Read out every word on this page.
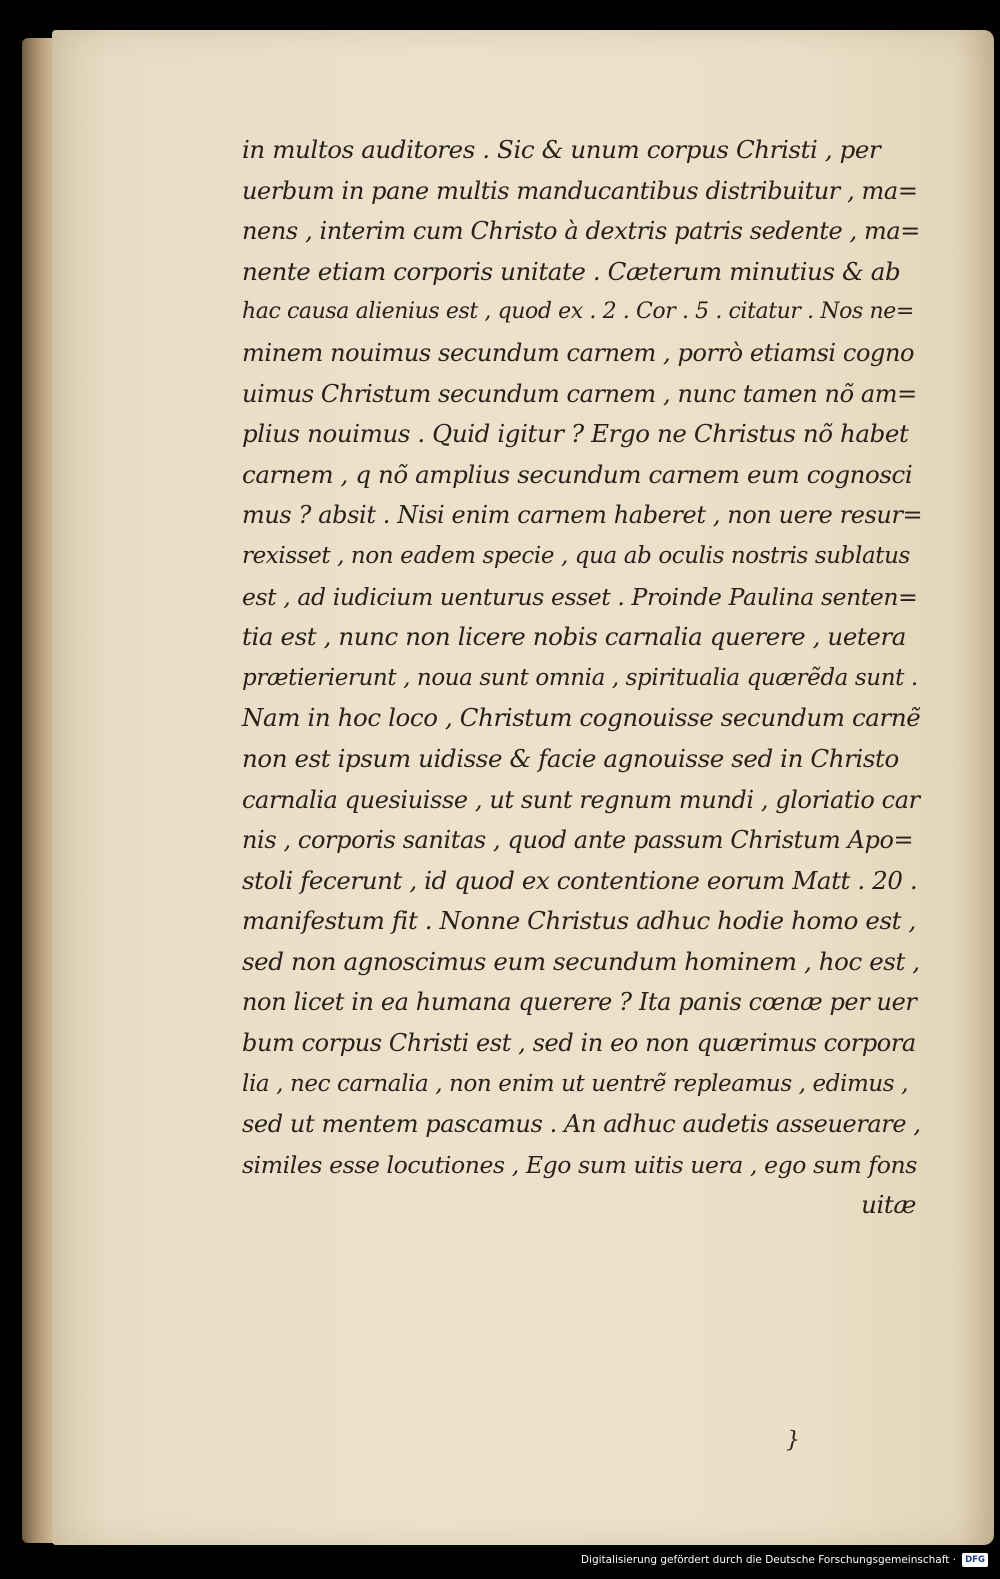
in multos auditores . Sic & unum corpus Christi , per
uerbum in pane multis manducantibus distribuitur , ma=
nens , interim cum Christo à dextris patris sedente , ma=
nente etiam corporis unitate . Cæterum minutius & ab
hac causa alienius est , quod ex . 2 . Cor . 5 . citatur . Nos ne=
minem nouimus secundum carnem , porrò etiamsi cogno
uimus Christum secundum carnem , nunc tamen nõ am=
plius nouimus . Quid igitur ? Ergo ne Christus nõ habet
carnem , q nõ amplius secundum carnem eum cognosci
mus ? absit . Nisi enim carnem haberet , non uere resur=
rexisset , non eadem specie , qua ab oculis nostris sublatus
est , ad iudicium uenturus esset . Proinde Paulina senten=
tia est , nunc non licere nobis carnalia querere , uetera
prætierierunt , noua sunt omnia , spiritualia quærẽda sunt .
Nam in hoc loco , Christum cognouisse secundum carnẽ
non est ipsum uidisse & facie agnouisse sed in Christo
carnalia quesiuisse , ut sunt regnum mundi , gloriatio car
nis , corporis sanitas , quod ante passum Christum Apo=
stoli fecerunt , id quod ex contentione eorum Matt . 20 .
manifestum fit . Nonne Christus adhuc hodie homo est ,
sed non agnoscimus eum secundum hominem , hoc est ,
non licet in ea humana querere ? Ita panis cœnæ per uer
bum corpus Christi est , sed in eo non quærimus corpora
lia , nec carnalia , non enim ut uentrẽ repleamus , edimus ,
sed ut mentem pascamus . An adhuc audetis asseuerare ,
similes esse locutiones , Ego sum uitis uera , ego sum fons
uitæ
}
Digitalisierung gefördert durch die Deutsche Forschungsgemeinschaft ·	DFG
